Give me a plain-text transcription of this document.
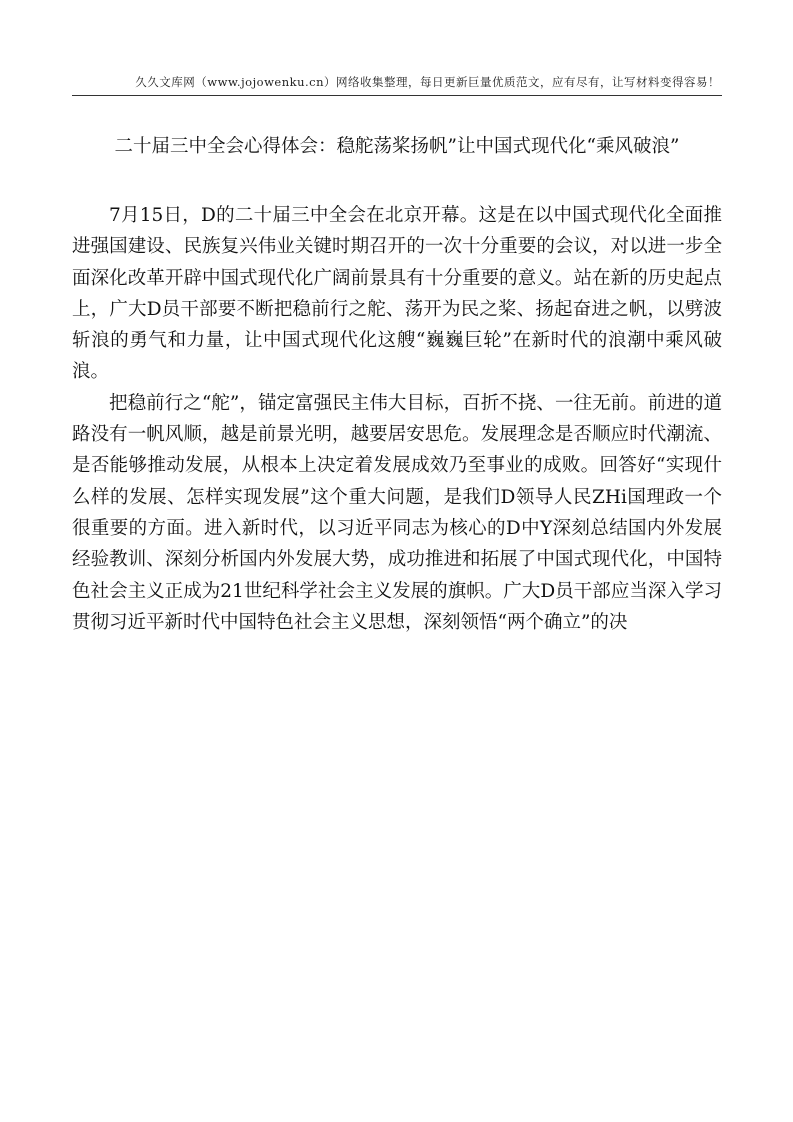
久久文库网（www.jojowenku.cn）网络收集整理，每日更新巨量优质范文，应有尽有，让写材料变得容易！
二十届三中全会心得体会：稳舵荡桨扬帆”让中国式现代化“乘风破浪”

7月15日，D的二十届三中全会在北京开幕。这是在以中国式现代化全面推进强国建设、民族复兴伟业关键时期召开的一次十分重要的会议，对以进一步全面深化改革开辟中国式现代化广阔前景具有十分重要的意义。站在新的历史起点上，广大D员干部要不断把稳前行之舵、荡开为民之桨、扬起奋进之帆，以劈波斩浪的勇气和力量，让中国式现代化这艘“巍巍巨轮”在新时代的浪潮中乘风破浪。

把稳前行之“舵”，锚定富强民主伟大目标，百折不挠、一往无前。前进的道路没有一帆风顺，越是前景光明，越要居安思危。发展理念是否顺应时代潮流、是否能够推动发展，从根本上决定着发展成效乃至事业的成败。回答好“实现什么样的发展、怎样实现发展”这个重大问题，是我们D领导人民ZHi国理政一个很重要的方面。进入新时代，以习近平同志为核心的D中Y深刻总结国内外发展经验教训、深刻分析国内外发展大势，成功推进和拓展了中国式现代化，中国特色社会主义正成为21世纪科学社会主义发展的旗帜。广大D员干部应当深入学习贯彻习近平新时代中国特色社会主义思想，深刻领悟“两个确立”的决
